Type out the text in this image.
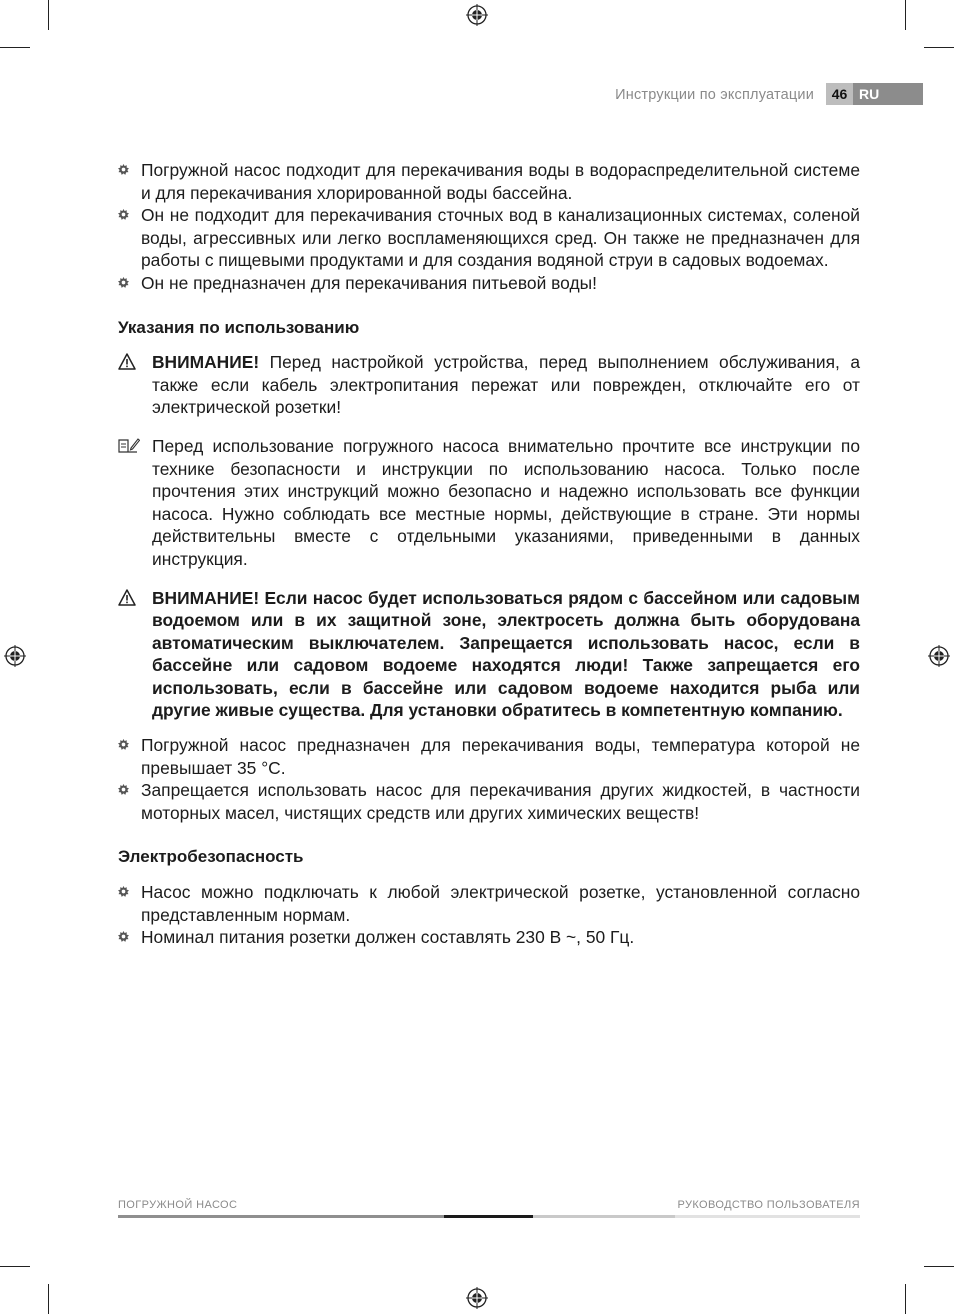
Инструкции по эксплуатации	46 RU
Погружной насос подходит для перекачивания воды в водораспределительной системе и для перекачивания хлорированной воды бассейна.
Он не подходит для перекачивания сточных вод в канализационных системах, соленой воды, агрессивных или легко воспламеняющихся сред. Он также не предназначен для работы с пищевыми продуктами и для создания водяной струи в садовых водоемах.
Он не предназначен для перекачивания питьевой воды!

Указания по использованию

ВНИМАНИЕ! Перед настройкой устройства, перед выполнением обслуживания, а также если кабель электропитания пережат или поврежден, отключайте его от электрической розетки!
Перед использование погружного насоса внимательно прочтите все инструкции по технике безопасности и инструкции по использованию насоса. Только после прочтения этих инструкций можно безопасно и надежно использовать все функции насоса. Нужно соблюдать все местные нормы, действующие в стране. Эти нормы действительны вместе с отдельными указаниями, приведенными в данных инструкция.
ВНИМАНИЕ! Если насос будет использоваться рядом с бассейном или садовым водоемом или в их защитной зоне, электросеть должна быть оборудована автоматическим выключателем. Запрещается использовать насос, если в бассейне или садовом водоеме находятся люди! Также запрещается его использовать, если в бассейне или садовом водоеме находится рыба или другие живые существа. Для установки обратитесь в компетентную компанию.
Погружной насос предназначен для перекачивания воды, температура которой не превышает 35 °C.
Запрещается использовать насос для перекачивания других жидкостей, в частности моторных масел, чистящих средств или других химических веществ!

Электробезопасность

Насос можно подключать к любой электрической розетке, установленной согласно представленным нормам.
Номинал питания розетки должен составлять 230 В ~, 50 Гц.
ПОГРУЖНОЙ НАСОС	РУКОВОДСТВО ПОЛЬЗОВАТЕЛЯ
